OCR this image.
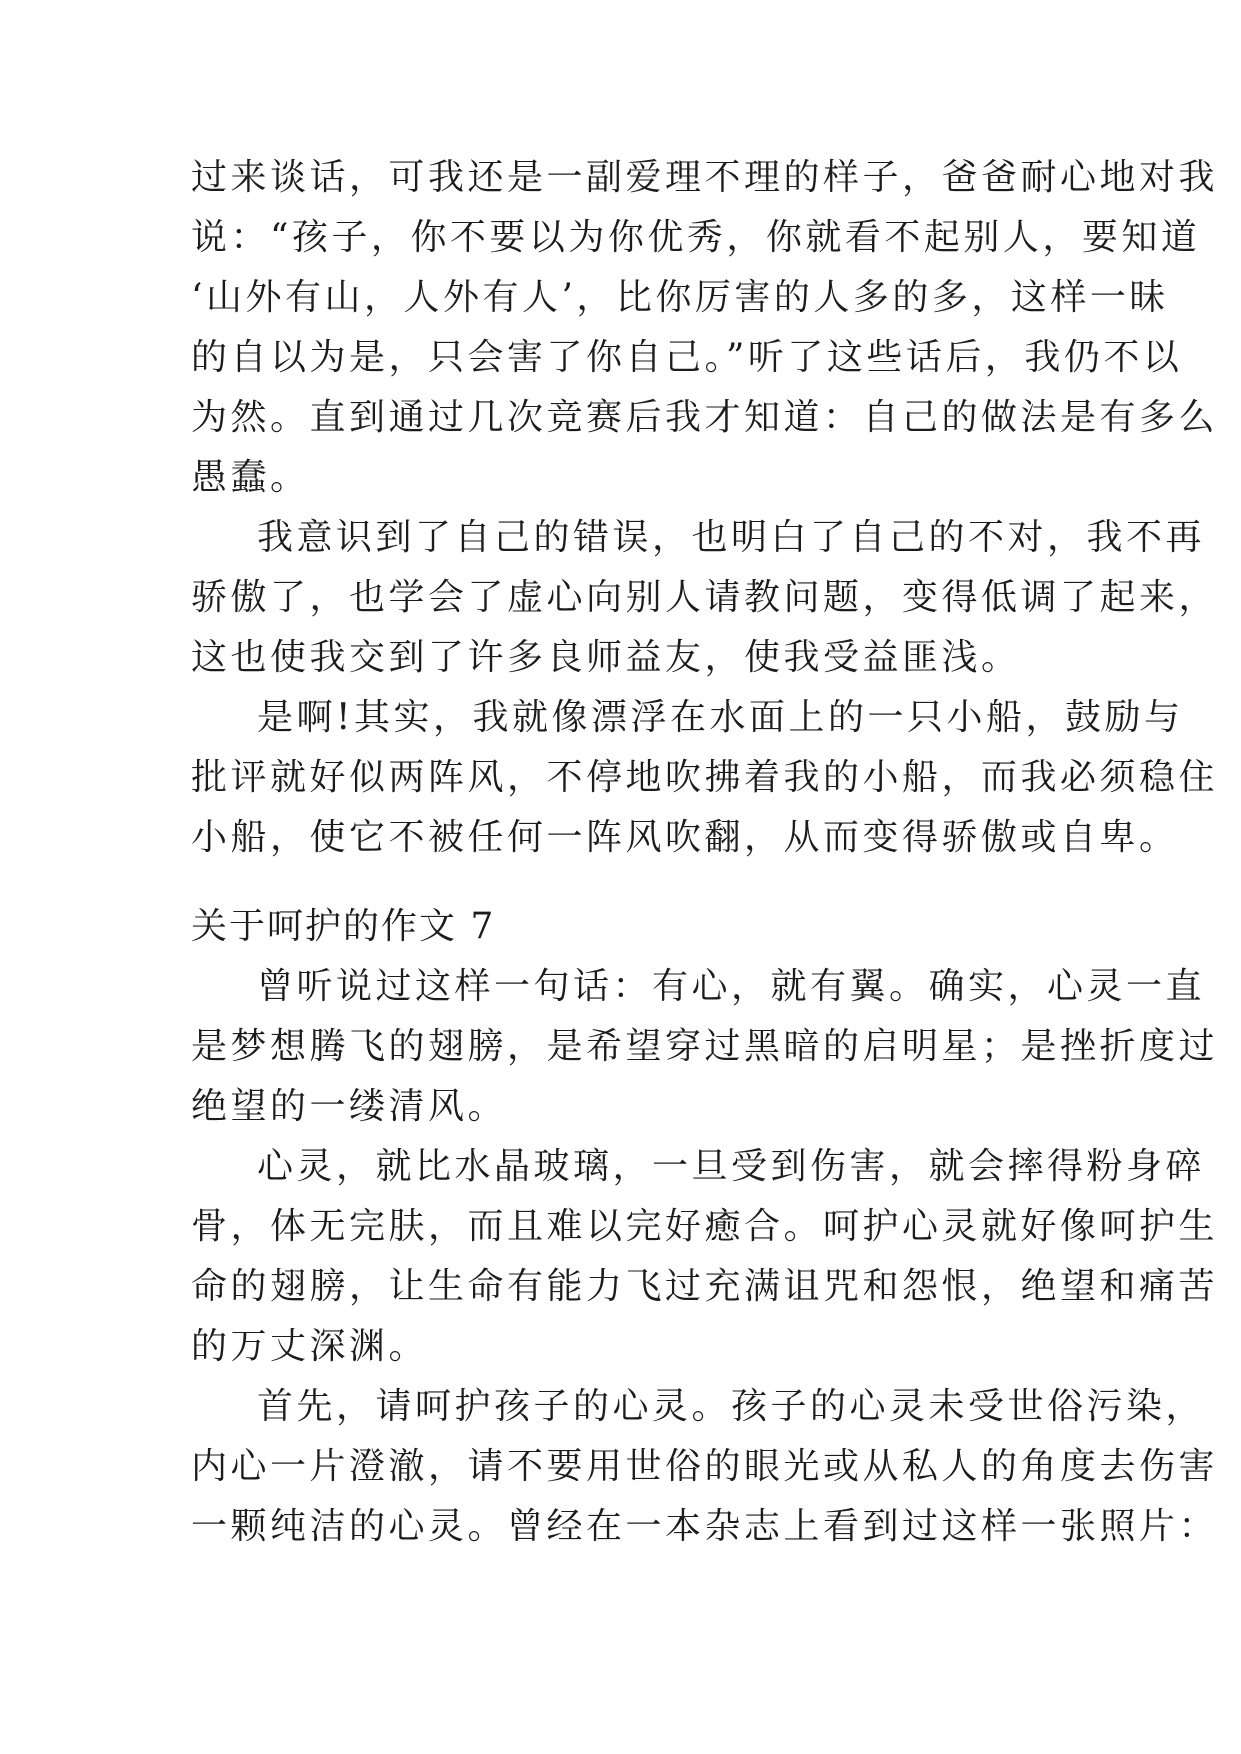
过来谈话，可我还是一副爱理不理的样子，爸爸耐心地对我
说：“孩子，你不要以为你优秀，你就看不起别人，要知道
‘山外有山，人外有人’，比你厉害的人多的多，这样一昧
的自以为是，只会害了你自己。”听了这些话后，我仍不以
为然。直到通过几次竞赛后我才知道：自己的做法是有多么
愚蠢。
我意识到了自己的错误，也明白了自己的不对，我不再
骄傲了，也学会了虚心向别人请教问题，变得低调了起来，
这也使我交到了许多良师益友，使我受益匪浅。
是啊!其实，我就像漂浮在水面上的一只小船，鼓励与
批评就好似两阵风，不停地吹拂着我的小船，而我必须稳住
小船，使它不被任何一阵风吹翻，从而变得骄傲或自卑。
关于呵护的作文 7
曾听说过这样一句话：有心，就有翼。确实，心灵一直
是梦想腾飞的翅膀，是希望穿过黑暗的启明星；是挫折度过
绝望的一缕清风。
心灵，就比水晶玻璃，一旦受到伤害，就会摔得粉身碎
骨，体无完肤，而且难以完好癒合。呵护心灵就好像呵护生
命的翅膀，让生命有能力飞过充满诅咒和怨恨，绝望和痛苦
的万丈深渊。
首先，请呵护孩子的心灵。孩子的心灵未受世俗污染，
内心一片澄澈，请不要用世俗的眼光或从私人的角度去伤害
一颗纯洁的心灵。曾经在一本杂志上看到过这样一张照片：
